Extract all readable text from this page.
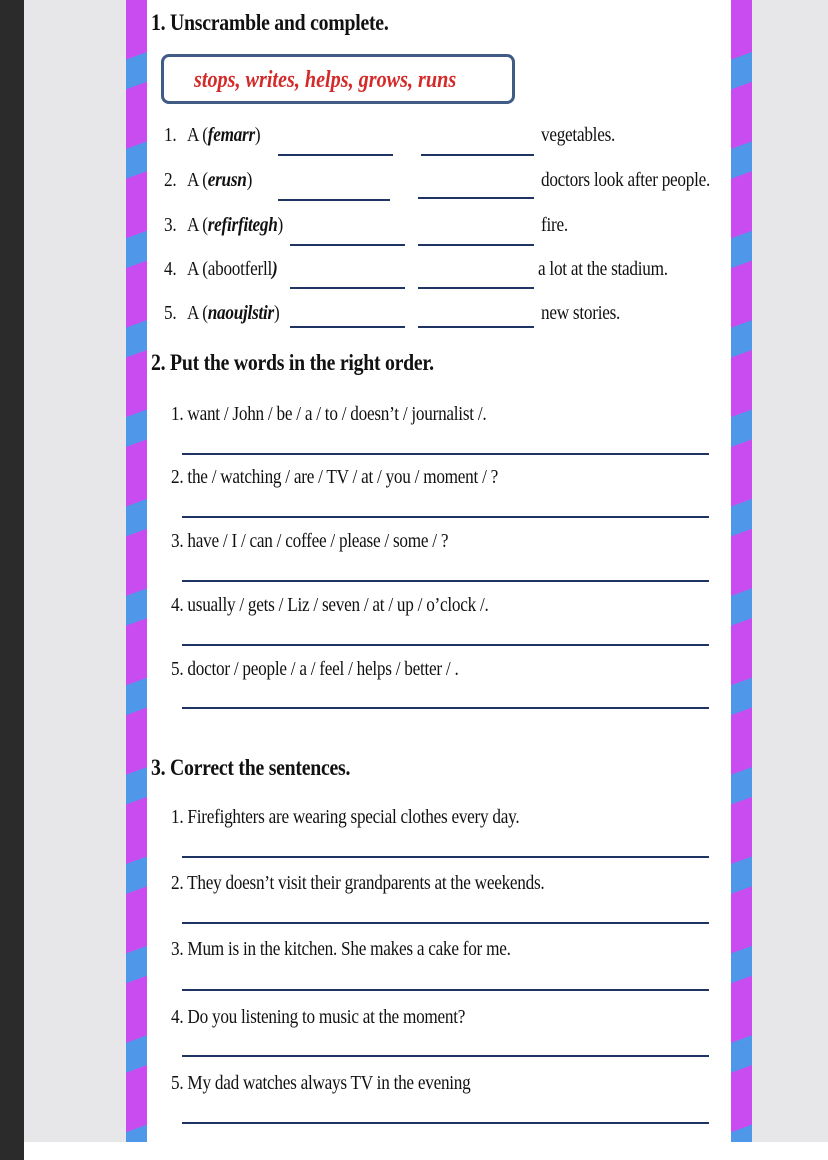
1. Unscramble and complete.
stops, writes, helps, grows, runs
1. A (femarr)	vegetables.
2. A (erusn)	doctors look after people.
3. A (refirfitegh)	fire.
4. A (abootferll)	a lot at the stadium.
5. A (naoujlstir)	new stories.
2. Put the words in the right order.
1. want / John / be / a / to / doesn’t / journalist /.
2. the / watching / are / TV / at / you / moment / ?
3. have / I / can / coffee / please / some / ?
4. usually / gets / Liz / seven / at / up / o’clock /.
5. doctor / people / a / feel / helps / better / .
3. Correct the sentences.
1. Firefighters are wearing special clothes every day.
2. They doesn’t visit their grandparents at the weekends.
3. Mum is in the kitchen. She makes a cake for me.
4. Do you listening to music at the moment?
5. My dad watches always TV in the evening
